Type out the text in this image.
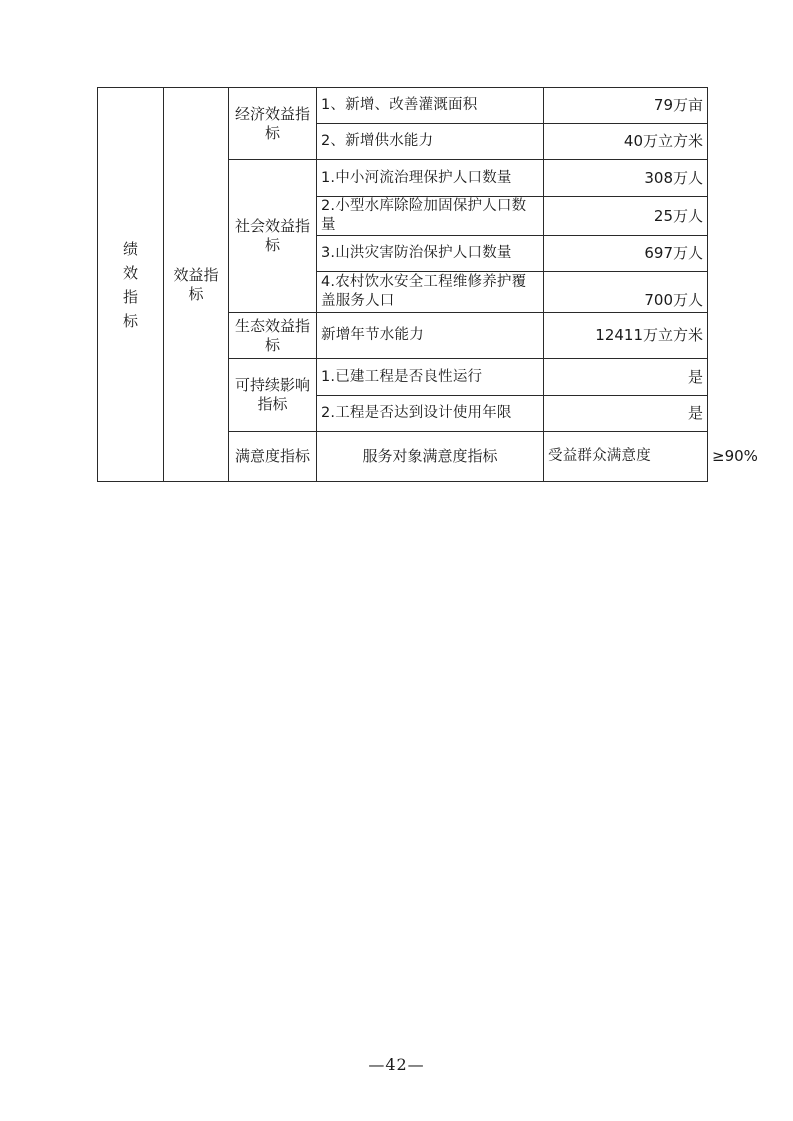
绩
效
指
标	效益指标	经济效益指标	1、新增、改善灌溉面积	79万亩	
			2、新增供水能力	40万立方米	
		社会效益指标	1.中小河流治理保护人口数量	308万人	
			2.小型水库除险加固保护人口数量	25万人	
			3.山洪灾害防治保护人口数量	697万人	
			4.农村饮水安全工程维修养护覆盖服务人口	700万人	
		生态效益指标	新增年节水能力	12411万立方米	
		可持续影响指标	1.已建工程是否良性运行	是	
			2.工程是否达到设计使用年限	是	
		满意度指标	服务对象满意度指标	受益群众满意度	≥90%
—42—
